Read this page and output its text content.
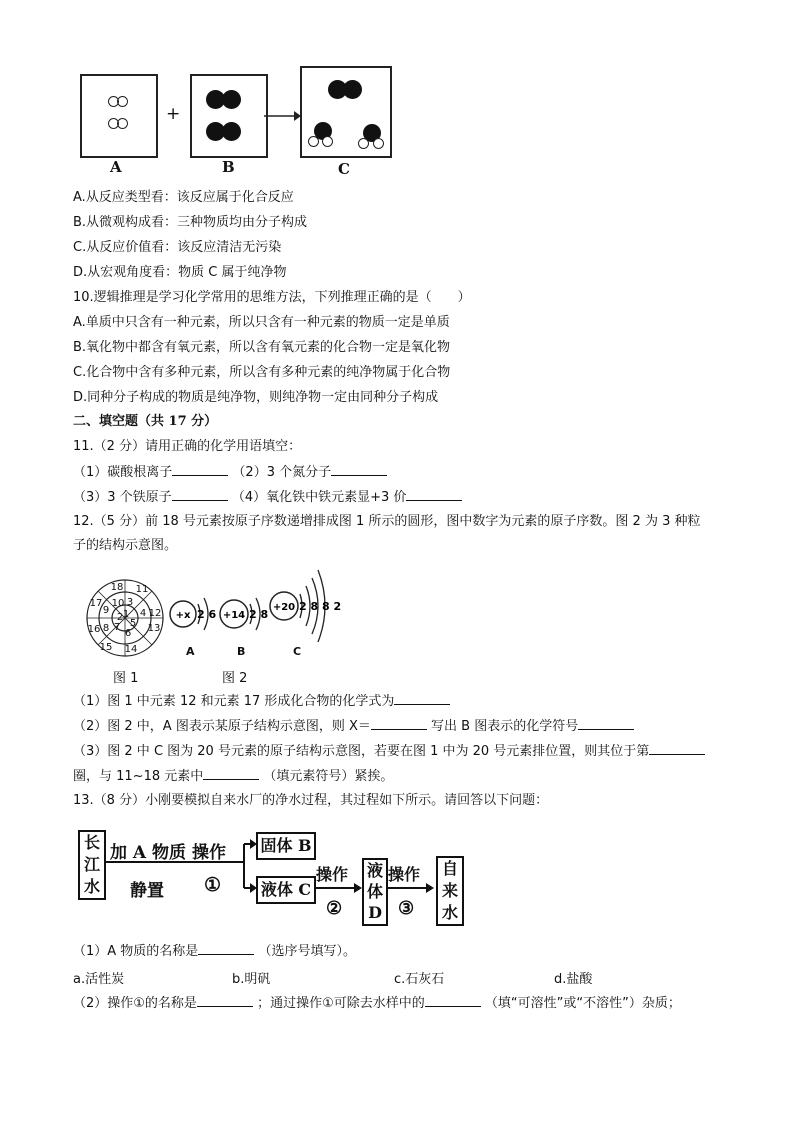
A
+
B	C
A.从反应类型看：该反应属于化合反应
B.从微观构成看：三种物质均由分子构成
C.从反应价值看：该反应清洁无污染
D.从宏观角度看：物质 C 属于纯净物
10.逻辑推理是学习化学常用的思维方法，下列推理正确的是（　　）
A.单质中只含有一种元素，所以只含有一种元素的物质一定是单质
B.氧化物中都含有氧元素，所以含有氧元素的化合物一定是氧化物
C.化合物中含有多种元素，所以含有多种元素的纯净物属于化合物
D.同种分子构成的物质是纯净物，则纯净物一定由同种分子构成
二、填空题（共 17 分）
11.（2 分）请用正确的化学用语填空：
（1）碳酸根离子	（2）3 个氮分子
（3）3 个铁原子	（4）氧化铁中铁元素显+3 价
12.（5 分）前 18 号元素按原子序数递增排成图 1 所示的圆形，图中数字为元素的原子序数。图 2 为 3 种粒
子的结构示意图。
18 11
10 3
4 12
1
2
5 13
6
14
7
15
8
16
9
17
+x 2 6
A
+14 2 8
B
+20 2 8 8 2
C
图 1	图 2
（1）图 1 中元素 12 和元素 17 形成化合物的化学式为
（2）图 2 中，A 图表示某原子结构示意图，则 X＝	写出 B 图表示的化学符号
（3）图 2 中 C 图为 20 号元素的原子结构示意图，若要在图 1 中为 20 号元素排位置，则其位于第
圈，与 11~18 元素中	（填元素符号）紧挨。
13.（8 分）小刚要模拟自来水厂的净水过程，其过程如下所示。请回答以下问题：
长
江
水
加 A 物质 操作
静置 ①
固体 B
液体 C
操作
②
液
体
D
操作
③
自
来
水
（1）A 物质的名称是	（选序号填写）。
a.活性炭	b.明矾	c.石灰石	d.盐酸
（2）操作①的名称是	；通过操作①可除去水样中的	（填“可溶性”或“不溶性”）杂质；
